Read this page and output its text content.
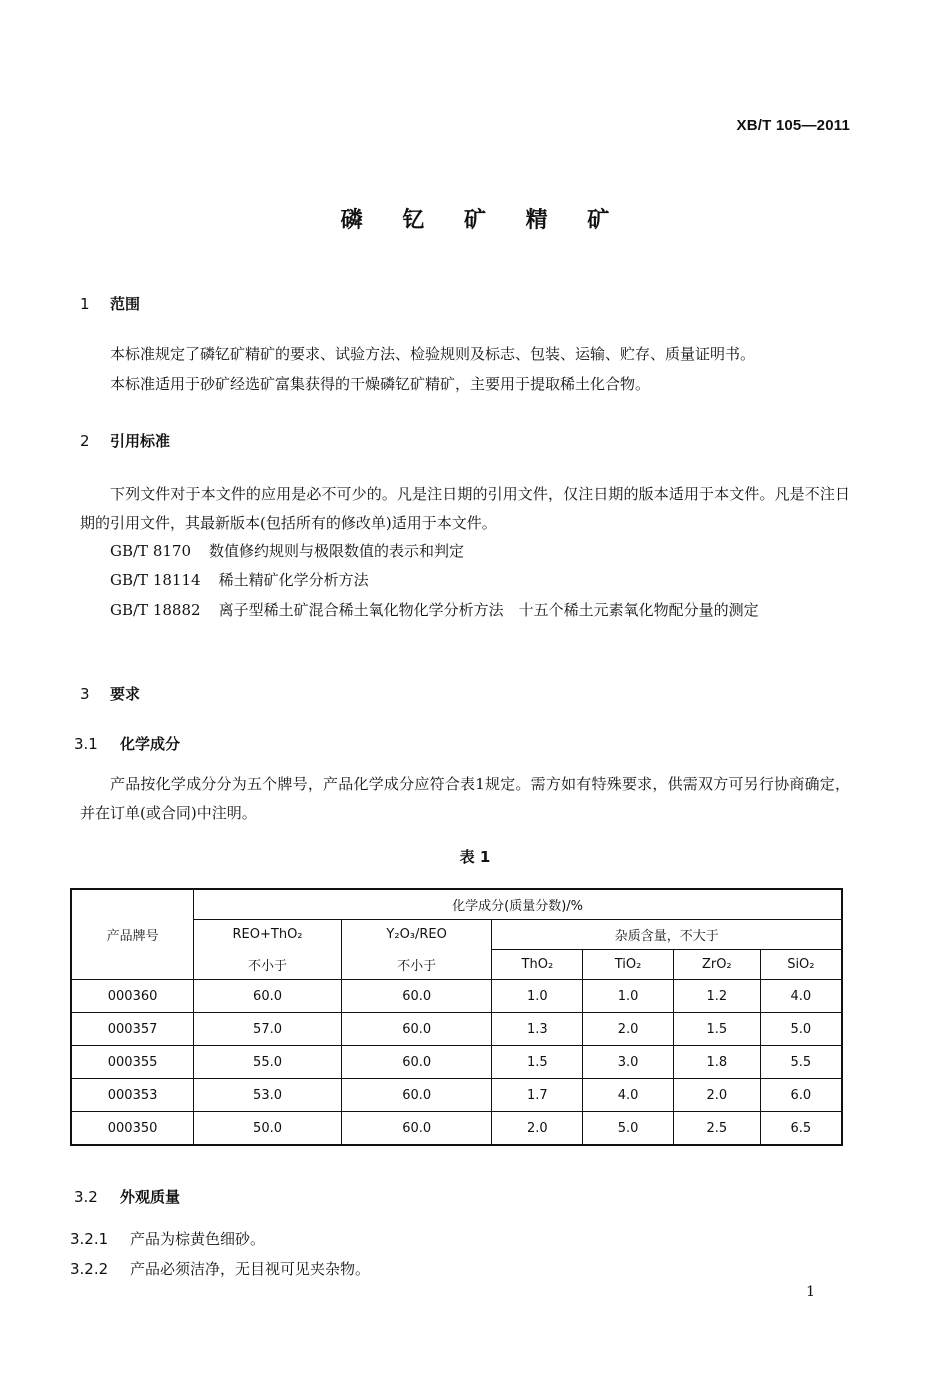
XB/T 105—2011
磷 钇 矿 精 矿
1 范围
本标准规定了磷钇矿精矿的要求、试验方法、检验规则及标志、包装、运输、贮存、质量证明书。
本标准适用于砂矿经选矿富集获得的干燥磷钇矿精矿，主要用于提取稀土化合物。
2 引用标准
下列文件对于本文件的应用是必不可少的。凡是注日期的引用文件，仅注日期的版本适用于本文件。凡是不注日期的引用文件，其最新版本(包括所有的修改单)适用于本文件。
GB/T 8170 数值修约规则与极限数值的表示和判定
GB/T 18114 稀土精矿化学分析方法
GB/T 18882 离子型稀土矿混合稀土氧化物化学分析方法　十五个稀土元素氧化物配分量的测定
3 要求
3.1 化学成分
产品按化学成分分为五个牌号，产品化学成分应符合表1规定。需方如有特殊要求，供需双方可另行协商确定，并在订单(或合同)中注明。
表 1
产品牌号	化学成分(质量分数)/%					
	REO+ThO₂	Y₂O₃/REO	杂质含量，不大于			
	不小于	不小于	ThO₂	TiO₂	ZrO₂	SiO₂
000360	60.0	60.0	1.0	1.0	1.2	4.0
000357	57.0	60.0	1.3	2.0	1.5	5.0
000355	55.0	60.0	1.5	3.0	1.8	5.5
000353	53.0	60.0	1.7	4.0	2.0	6.0
000350	50.0	60.0	2.0	5.0	2.5	6.5
3.2 外观质量
3.2.1 产品为棕黄色细砂。
3.2.2 产品必须洁净，无目视可见夹杂物。
1
